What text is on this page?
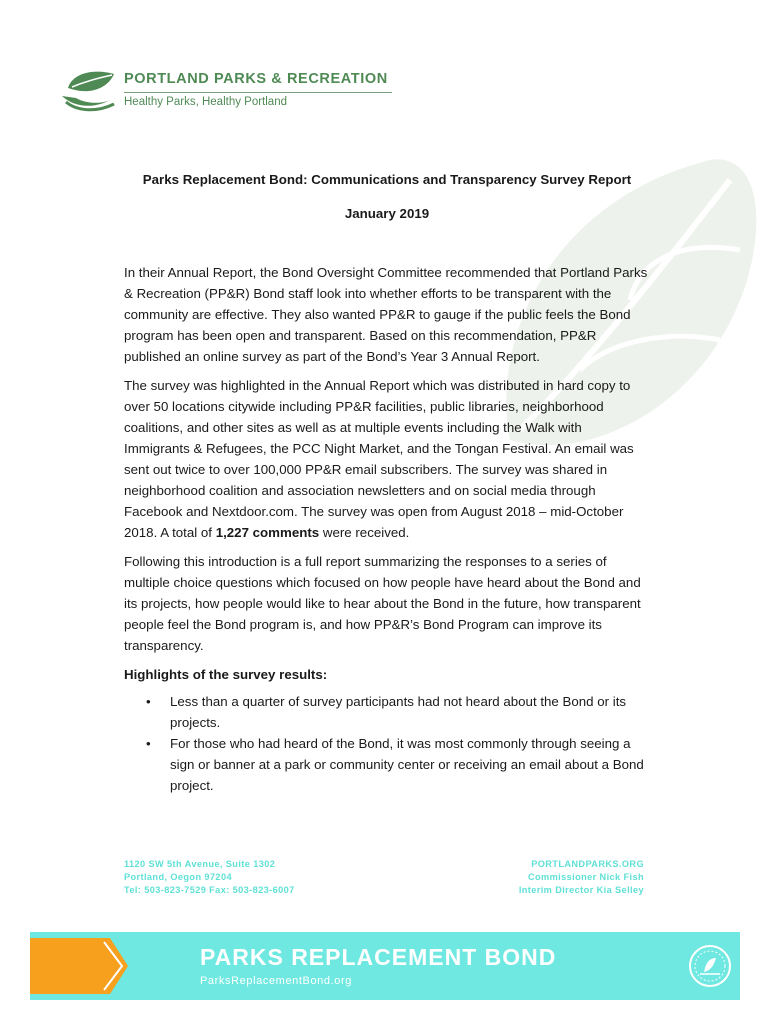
PORTLAND PARKS & RECREATION
Healthy Parks, Healthy Portland

Parks Replacement Bond: Communications and Transparency Survey Report

January 2019

In their Annual Report, the Bond Oversight Committee recommended that Portland Parks & Recreation (PP&R) Bond staff look into whether efforts to be transparent with the community are effective. They also wanted PP&R to gauge if the public feels the Bond program has been open and transparent. Based on this recommendation, PP&R published an online survey as part of the Bond’s Year 3 Annual Report.

The survey was highlighted in the Annual Report which was distributed in hard copy to over 50 locations citywide including PP&R facilities, public libraries, neighborhood coalitions, and other sites as well as at multiple events including the Walk with Immigrants & Refugees, the PCC Night Market, and the Tongan Festival. An email was sent out twice to over 100,000 PP&R email subscribers. The survey was shared in neighborhood coalition and association newsletters and on social media through Facebook and Nextdoor.com. The survey was open from August 2018 – mid-October 2018. A total of 1,227 comments were received.

Following this introduction is a full report summarizing the responses to a series of multiple choice questions which focused on how people have heard about the Bond and its projects, how people would like to hear about the Bond in the future, how transparent people feel the Bond program is, and how PP&R’s Bond Program can improve its transparency.

Highlights of the survey results:

• Less than a quarter of survey participants had not heard about the Bond or its projects.
• For those who had heard of the Bond, it was most commonly through seeing a sign or banner at a park or community center or receiving an email about a Bond project.
1120 SW 5th Avenue, Suite 1302
Portland, Oegon 97204
Tel: 503-823-7529 Fax: 503-823-6007
PORTLANDPARKS.ORG
Commissioner Nick Fish
Interim Director Kia Selley
PARKS REPLACEMENT BOND
ParksReplacementBond.org
